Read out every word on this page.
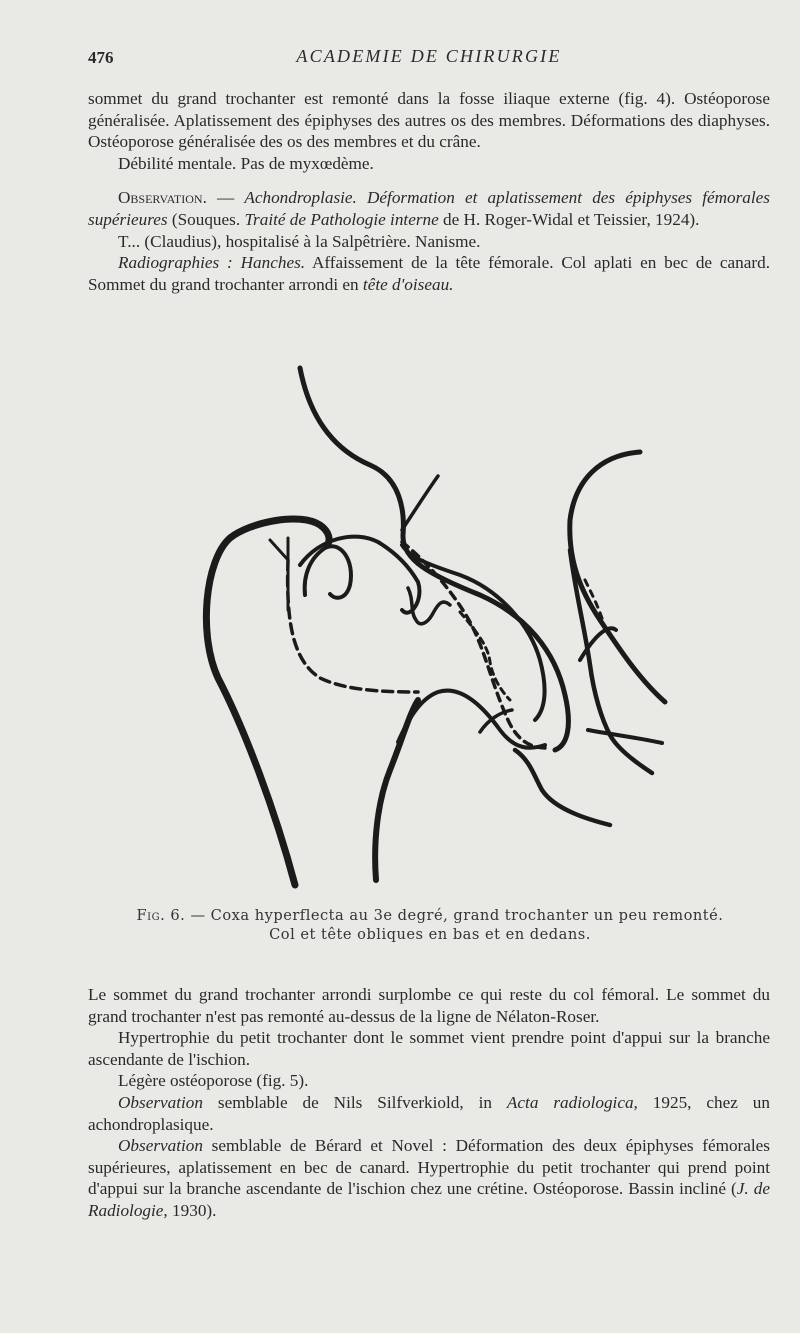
476	ACADEMIE DE CHIRURGIE

sommet du grand trochanter est remonté dans la fosse iliaque externe (fig. 4). Ostéoporose généralisée. Aplatissement des épiphyses des autres os des membres. Déformations des diaphyses. Ostéoporose généralisée des os des membres et du crâne.

Débilité mentale. Pas de myxœdème.

Observation. — Achondroplasie. Déformation et aplatissement des épiphyses fémorales supérieures (Souques. Traité de Pathologie interne de H. Roger-Widal et Teissier, 1924).

T... (Claudius), hospitalisé à la Salpêtrière. Nanisme.

Radiographies : Hanches. Affaissement de la tête fémorale. Col aplati en bec de canard. Sommet du grand trochanter arrondi en tête d'oiseau.

Fig. 6. — Coxa hyperflecta au 3e degré, grand trochanter un peu remonté.
Col et tête obliques en bas et en dedans.

Le sommet du grand trochanter arrondi surplombe ce qui reste du col fémoral. Le sommet du grand trochanter n'est pas remonté au-dessus de la ligne de Nélaton-Roser.

Hypertrophie du petit trochanter dont le sommet vient prendre point d'appui sur la branche ascendante de l'ischion.

Légère ostéoporose (fig. 5).

Observation semblable de Nils Silfverkiold, in Acta radiologica, 1925, chez un achondroplasique.

Observation semblable de Bérard et Novel : Déformation des deux épiphyses fémorales supérieures, aplatissement en bec de canard. Hypertrophie du petit trochanter qui prend point d'appui sur la branche ascendante de l'ischion chez une crétine. Ostéoporose. Bassin incliné (J. de Radiologie, 1930).
